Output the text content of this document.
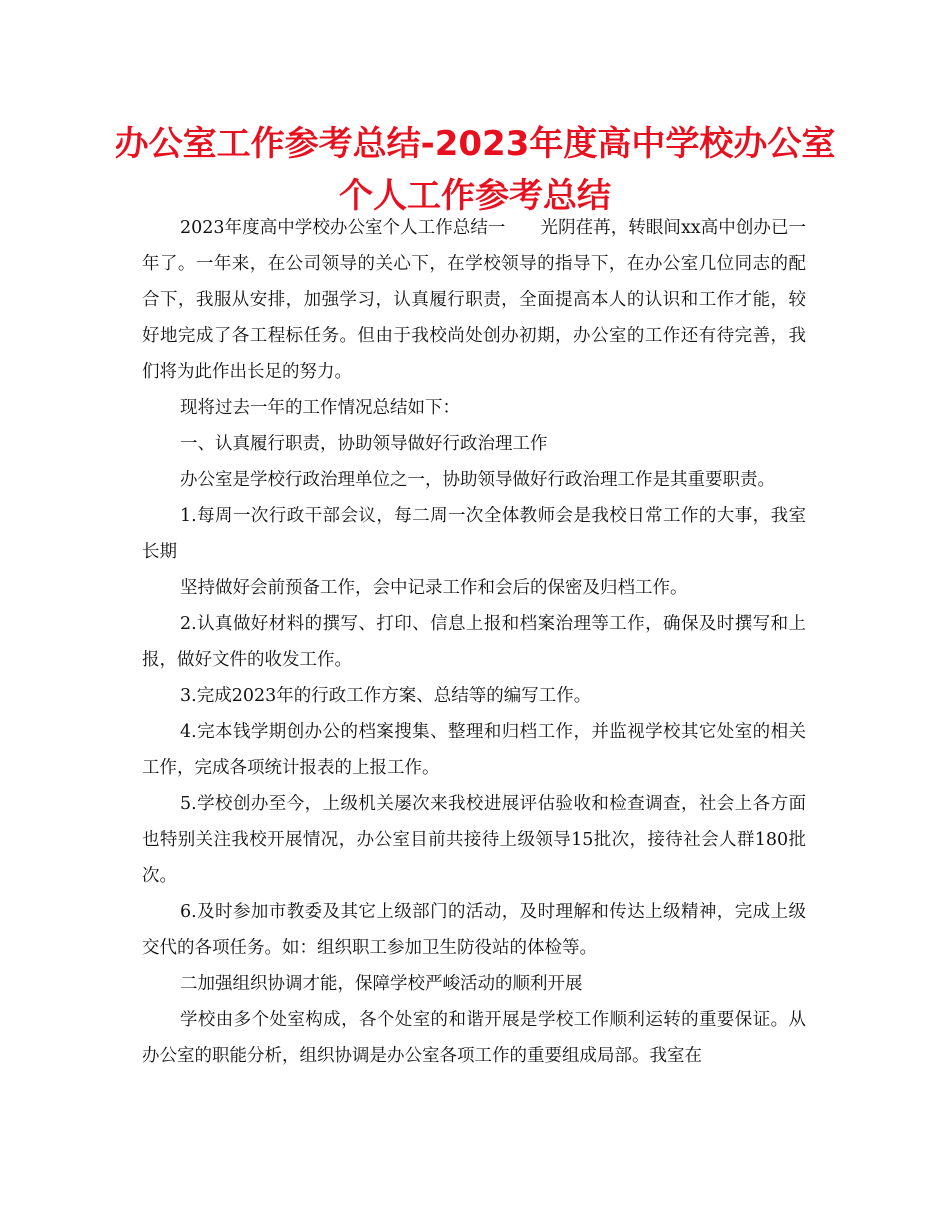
办公室工作参考总结-2023年度高中学校办公室
个人工作参考总结

2023年度高中学校办公室个人工作总结一　　光阴荏苒，转眼间xx高中创办已一年了。一年来，在公司领导的关心下，在学校领导的指导下，在办公室几位同志的配合下，我服从安排，加强学习，认真履行职责，全面提高本人的认识和工作才能，较好地完成了各工程标任务。但由于我校尚处创办初期，办公室的工作还有待完善，我们将为此作出长足的努力。

现将过去一年的工作情况总结如下：

一、认真履行职责，协助领导做好行政治理工作

办公室是学校行政治理单位之一，协助领导做好行政治理工作是其重要职责。

1.每周一次行政干部会议，每二周一次全体教师会是我校日常工作的大事，我室长期

坚持做好会前预备工作，会中记录工作和会后的保密及归档工作。

2.认真做好材料的撰写、打印、信息上报和档案治理等工作，确保及时撰写和上报，做好文件的收发工作。

3.完成2023年的行政工作方案、总结等的编写工作。

4.完本钱学期创办公的档案搜集、整理和归档工作，并监视学校其它处室的相关工作，完成各项统计报表的上报工作。

5.学校创办至今，上级机关屡次来我校进展评估验收和检查调查，社会上各方面也特别关注我校开展情况，办公室目前共接待上级领导15批次，接待社会人群180批次。

6.及时参加市教委及其它上级部门的活动，及时理解和传达上级精神，完成上级交代的各项任务。如：组织职工参加卫生防役站的体检等。

二加强组织协调才能，保障学校严峻活动的顺利开展

学校由多个处室构成，各个处室的和谐开展是学校工作顺利运转的重要保证。从办公室的职能分析，组织协调是办公室各项工作的重要组成局部。我室在
